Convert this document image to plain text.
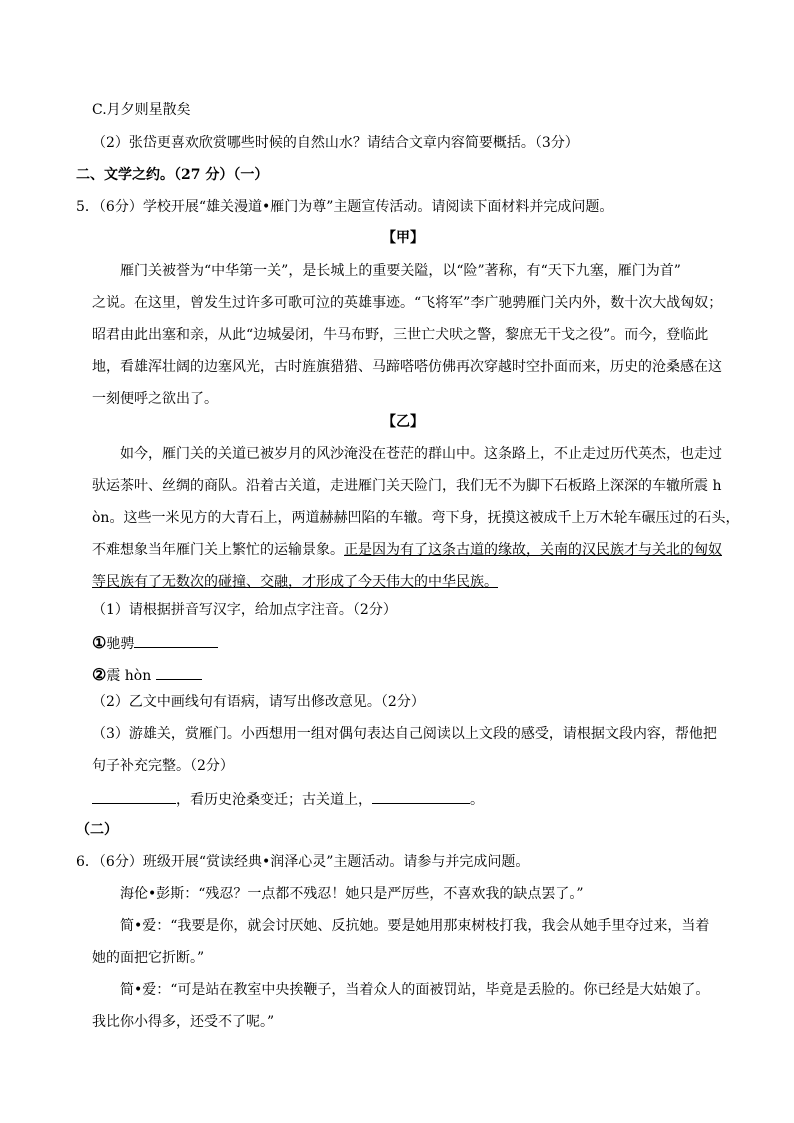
C.月夕则星散矣
（2）张岱更喜欢欣赏哪些时候的自然山水？请结合文章内容简要概括。（3分）
二、文学之约。（27 分）（一）
5．（6分）学校开展“雄关漫道•雁门为尊”主题宣传活动。请阅读下面材料并完成问题。
【甲】
雁门关被誉为“中华第一关”，是长城上的重要关隘，以“险”著称，有“天下九塞，雁门为首”
之说。在这里，曾发生过许多可歌可泣的英雄事迹。“飞将军”李广驰骋雁门关内外，数十次大战匈奴；
昭君由此出塞和亲，从此“边城晏闭，牛马布野，三世亡犬吠之警，黎庶无干戈之役”。而今，登临此
地，看雄浑壮阔的边塞风光，古时旌旗猎猎、马蹄嗒嗒仿佛再次穿越时空扑面而来，历史的沧桑感在这
一刻便呼之欲出了。
【乙】
如今，雁门关的关道已被岁月的风沙淹没在苍茫的群山中。这条路上，不止走过历代英杰，也走过
驮运茶叶、丝绸的商队。沿着古关道，走进雁门关天险门，我们无不为脚下石板路上深深的车辙所震 h
òn。这些一米见方的大青石上，两道赫赫凹陷的车辙。弯下身，抚摸这被成千上万木轮车碾压过的石头，
不难想象当年雁门关上繁忙的运输景象。正是因为有了这条古道的缘故，关南的汉民族才与关北的匈奴
等民族有了无数次的碰撞、交融，才形成了今天伟大的中华民族。
（1）请根据拼音写汉字，给加点字注音。（2分）
①驰骋
②震 hòn
（2）乙文中画线句有语病，请写出修改意见。（2分）
（3）游雄关，赏雁门。小西想用一组对偶句表达自己阅读以上文段的感受，请根据文段内容，帮他把
句子补充完整。（2分）
，看历史沧桑变迁；古关道上，	。
（二）
6．（6分）班级开展“赏读经典•润泽心灵”主题活动。请参与并完成问题。
海伦•彭斯：“残忍？一点都不残忍！她只是严厉些，不喜欢我的缺点罢了。”
简•爱：“我要是你，就会讨厌她、反抗她。要是她用那束树枝打我，我会从她手里夺过来，当着
她的面把它折断。”
简•爱：“可是站在教室中央挨鞭子，当着众人的面被罚站，毕竟是丢脸的。你已经是大姑娘了。
我比你小得多，还受不了呢。”
